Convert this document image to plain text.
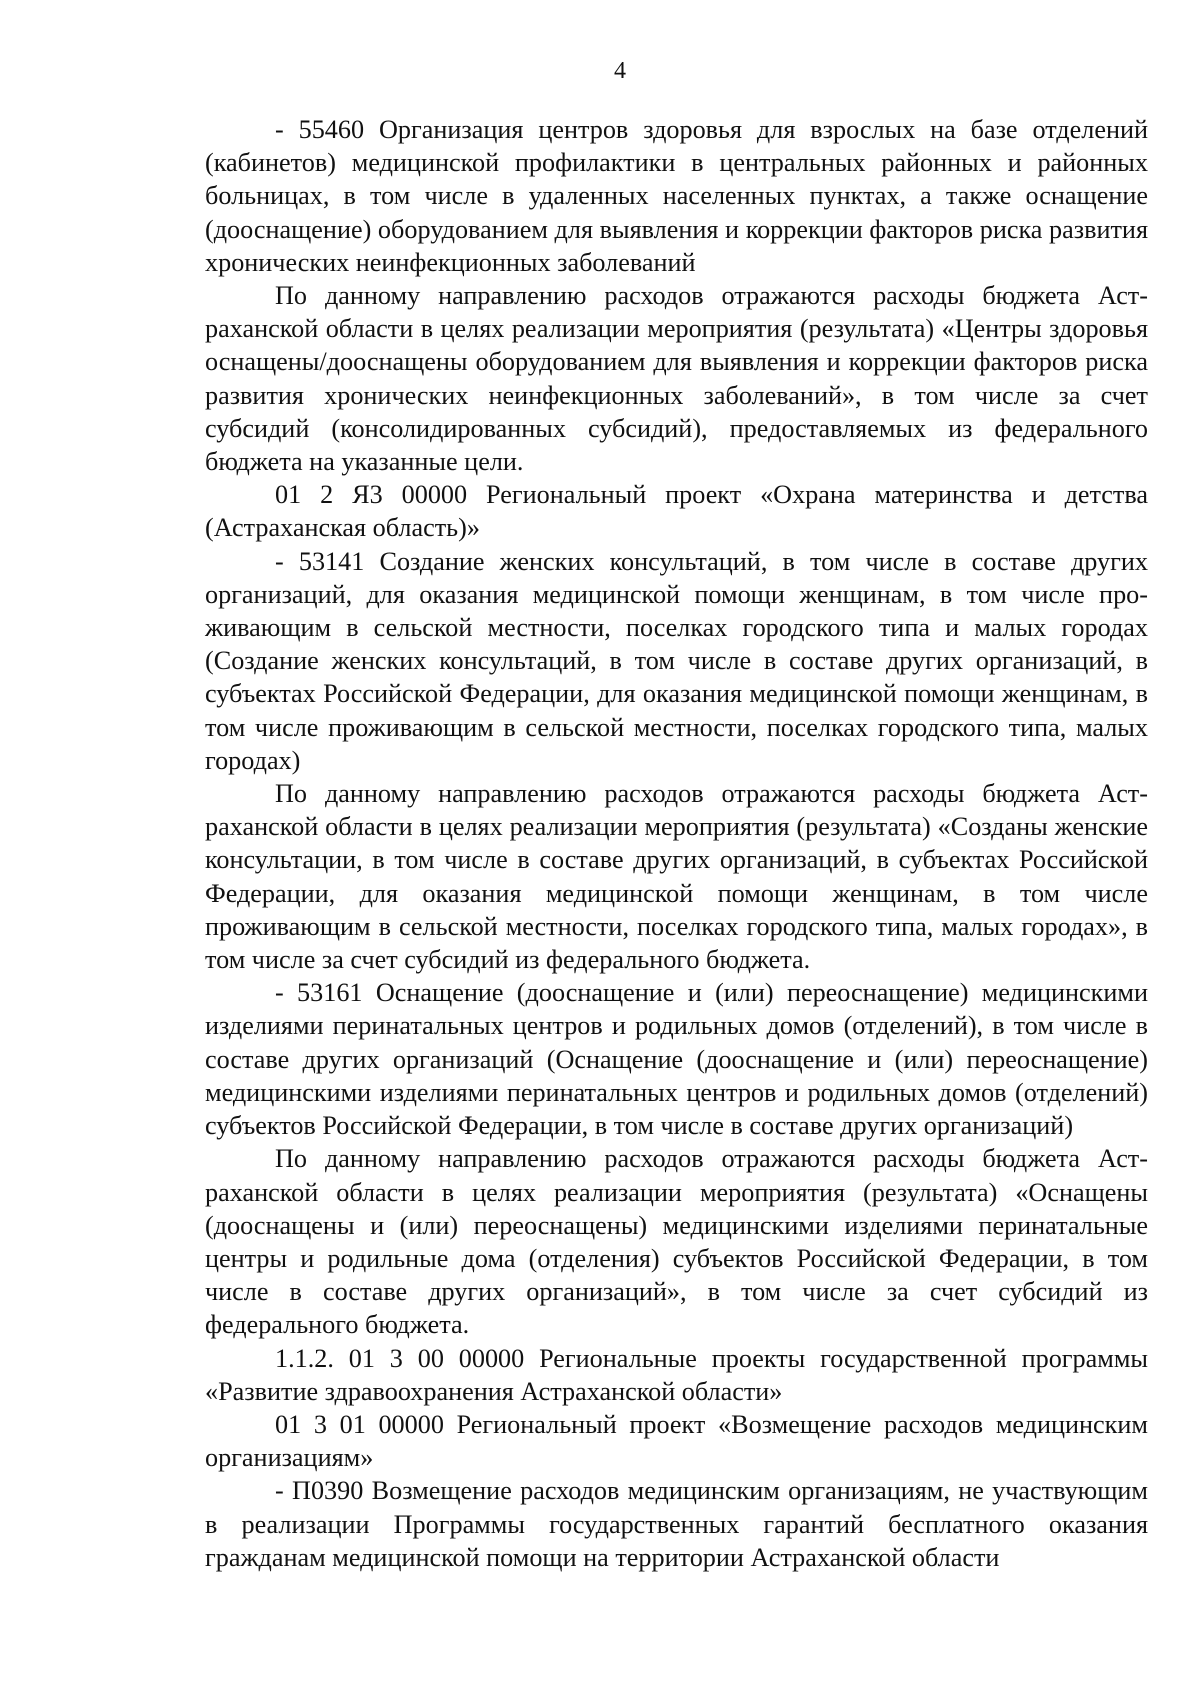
4

- 55460 Организация центров здоровья для взрослых на базе отделений (кабинетов) медицинской профилактики в центральных районных и районных больницах, в том числе в удаленных населенных пунктах, а также оснащение (дооснащение) оборудованием для выявления и коррекции факторов риска развития хронических неинфекционных заболеваний

По данному направлению расходов отражаются расходы бюджета Астраханской области в целях реализации мероприятия (результата) «Центры здоровья оснащены/дооснащены оборудованием для выявления и коррекции факторов риска развития хронических неинфекционных заболеваний», в том числе за счет субсидий (консолидированных субсидий), предоставляемых из федерального бюджета на указанные цели.

01 2 Я3 00000 Региональный проект «Охрана материнства и детства (Астраханская область)»

- 53141 Создание женских консультаций, в том числе в составе других организаций, для оказания медицинской помощи женщинам, в том числе проживающим в сельской местности, поселках городского типа и малых городах (Создание женских консультаций, в том числе в составе других организаций, в субъектах Российской Федерации, для оказания медицинской помощи женщинам, в том числе проживающим в сельской местности, поселках городского типа, малых городах)

По данному направлению расходов отражаются расходы бюджета Астраханской области в целях реализации мероприятия (результата) «Созданы женские консультации, в том числе в составе других организаций, в субъектах Российской Федерации, для оказания медицинской помощи женщинам, в том числе проживающим в сельской местности, поселках городского типа, малых городах», в том числе за счет субсидий из федерального бюджета.

- 53161 Оснащение (дооснащение и (или) переоснащение) медицинскими изделиями перинатальных центров и родильных домов (отделений), в том числе в составе других организаций (Оснащение (дооснащение и (или) переоснащение) медицинскими изделиями перинатальных центров и родильных домов (отделений) субъектов Российской Федерации, в том числе в составе других организаций)

По данному направлению расходов отражаются расходы бюджета Астраханской области в целях реализации мероприятия (результата) «Оснащены (дооснащены и (или) переоснащены) медицинскими изделиями перинатальные центры и родильные дома (отделения) субъектов Российской Федерации, в том числе в составе других организаций», в том числе за счет субсидий из федерального бюджета.

1.1.2. 01 3 00 00000 Региональные проекты государственной программы «Развитие здравоохранения Астраханской области»

01 3 01 00000 Региональный проект «Возмещение расходов медицинским организациям»

- П0390 Возмещение расходов медицинским организациям, не участвующим в реализации Программы государственных гарантий бесплатного оказания гражданам медицинской помощи на территории Астраханской области
